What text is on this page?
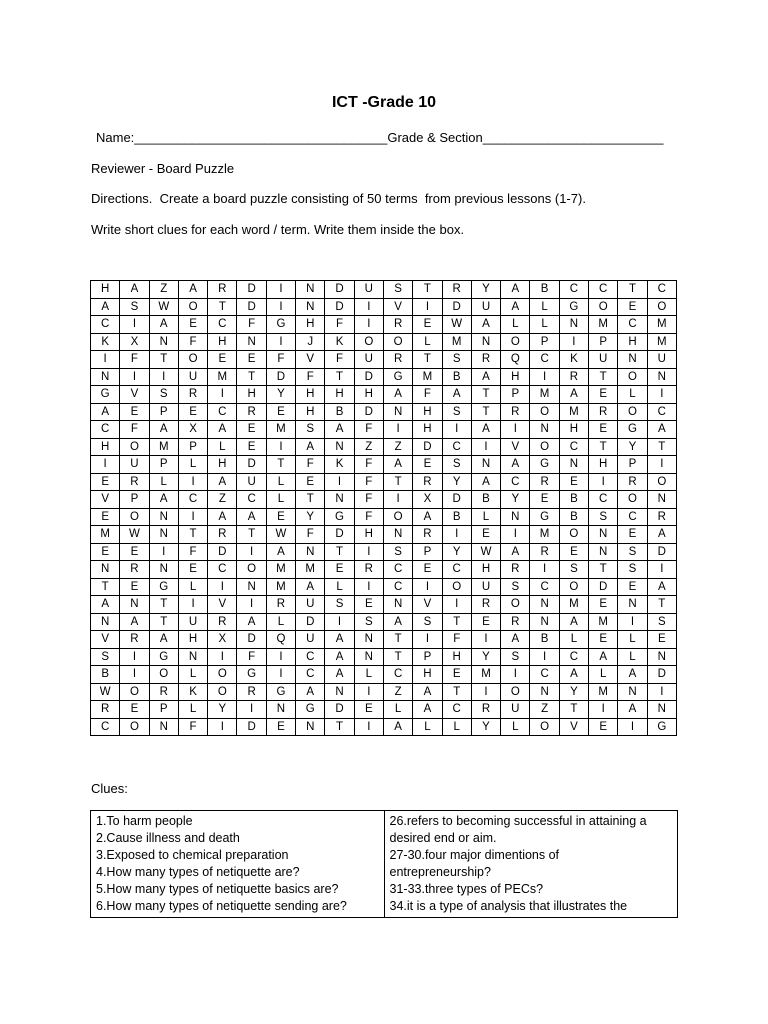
ICT -Grade 10
Name:___________________________________Grade & Section_________________________
Reviewer - Board Puzzle
Directions.  Create a board puzzle consisting of 50 terms  from previous lessons (1-7).
Write short clues for each word / term. Write them inside the box.
H	A	Z	A	R	D	I	N	D	U	S	T	R	Y	A	B	C	C	T	C
A	S	W	O	T	D	I	N	D	I	V	I	D	U	A	L	G	O	E	O
C	I	A	E	C	F	G	H	F	I	R	E	W	A	L	L	N	M	C	M
K	X	N	F	H	N	I	J	K	O	O	L	M	N	O	P	I	P	H	M
I	F	T	O	E	E	F	V	F	U	R	T	S	R	Q	C	K	U	N	U
N	I	I	U	M	T	D	F	T	D	G	M	B	A	H	I	R	T	O	N
G	V	S	R	I	H	Y	H	H	H	A	F	A	T	P	M	A	E	L	I
A	E	P	E	C	R	E	H	B	D	N	H	S	T	R	O	M	R	O	C
C	F	A	X	A	E	M	S	A	F	I	H	I	A	I	N	H	E	G	A
H	O	M	P	L	E	I	A	N	Z	Z	D	C	I	V	O	C	T	Y	T
I	U	P	L	H	D	T	F	K	F	A	E	S	N	A	G	N	H	P	I
E	R	L	I	A	U	L	E	I	F	T	R	Y	A	C	R	E	I	R	O
V	P	A	C	Z	C	L	T	N	F	I	X	D	B	Y	E	B	C	O	N
E	O	N	I	A	A	E	Y	G	F	O	A	B	L	N	G	B	S	C	R
M	W	N	T	R	T	W	F	D	H	N	R	I	E	I	M	O	N	E	A
E	E	I	F	D	I	A	N	T	I	S	P	Y	W	A	R	E	N	S	D
N	R	N	E	C	O	M	M	E	R	C	E	C	H	R	I	S	T	S	I
T	E	G	L	I	N	M	A	L	I	C	I	O	U	S	C	O	D	E	A
A	N	T	I	V	I	R	U	S	E	N	V	I	R	O	N	M	E	N	T
N	A	T	U	R	A	L	D	I	S	A	S	T	E	R	N	A	M	I	S
V	R	A	H	X	D	Q	U	A	N	T	I	F	I	A	B	L	E	L	E
S	I	G	N	I	F	I	C	A	N	T	P	H	Y	S	I	C	A	L	N
B	I	O	L	O	G	I	C	A	L	C	H	E	M	I	C	A	L	A	D
W	O	R	K	O	R	G	A	N	I	Z	A	T	I	O	N	Y	M	N	I
R	E	P	L	Y	I	N	G	D	E	L	A	C	R	U	Z	T	I	A	N
C	O	N	F	I	D	E	N	T	I	A	L	L	Y	L	O	V	E	I	G
Clues:
1.To harm people
2.Cause illness and death
3.Exposed to chemical preparation
4.How many types of netiquette are?
5.How many types of netiquette basics are?
6.How many types of netiquette sending are?

26.refers to becoming successful in attaining a
desired end or aim.
27-30.four major dimentions of
entrepreneurship?
31-33.three types of PECs?
34.it is a type of analysis that illustrates the
